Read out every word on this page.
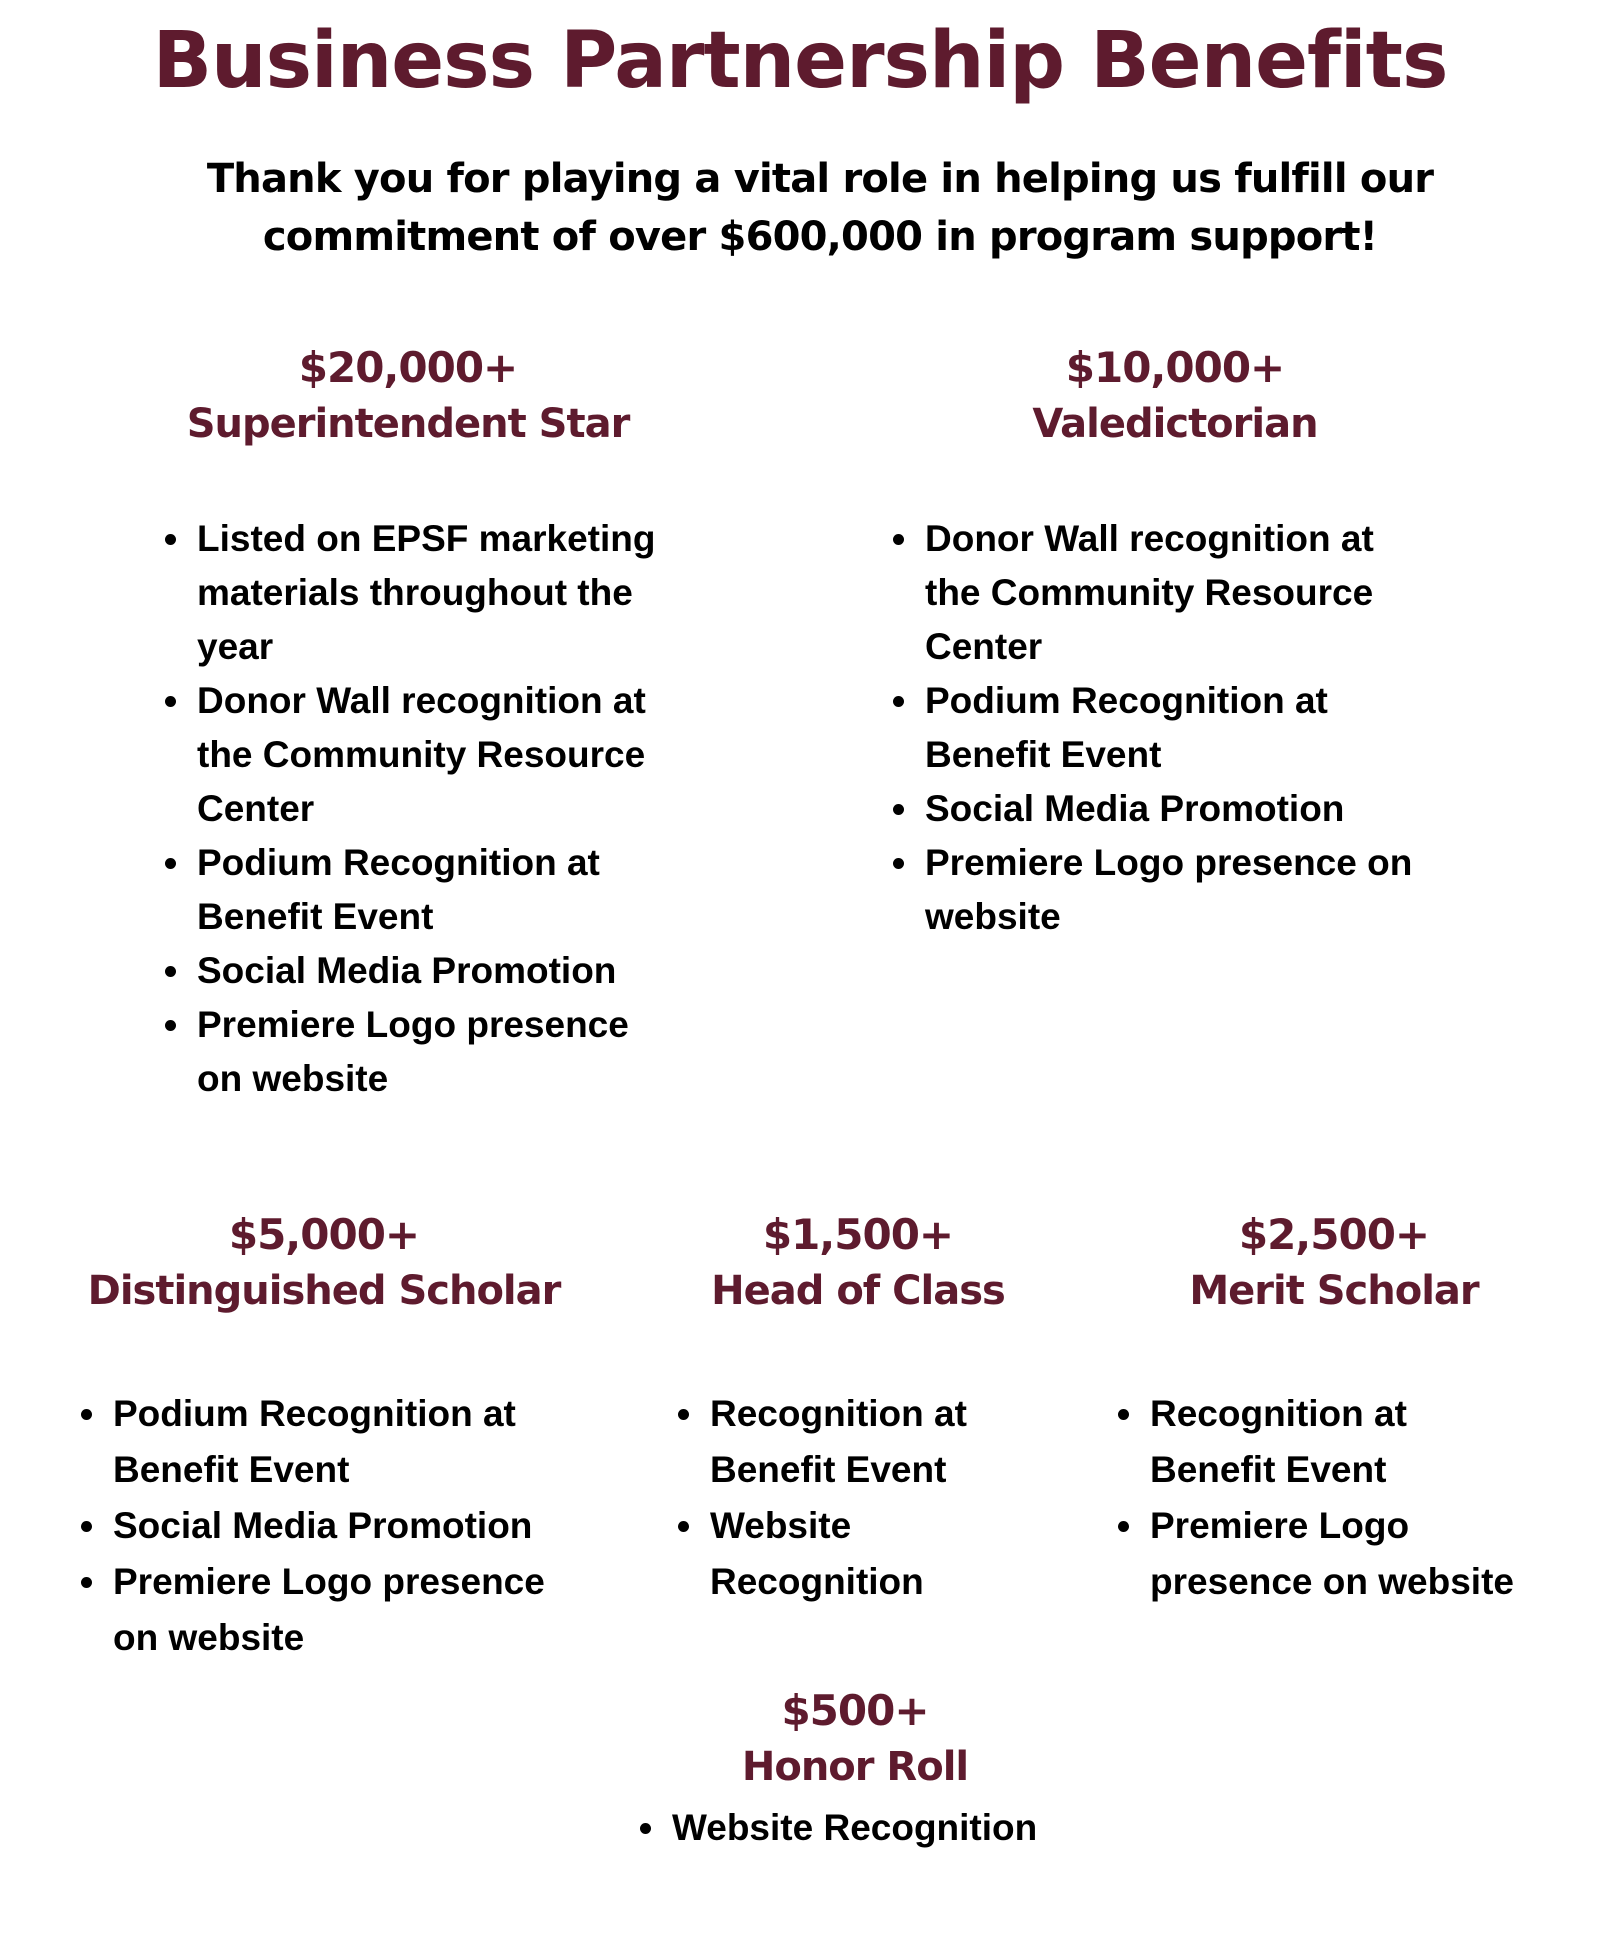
Business Partnership Benefits
Thank you for playing a vital role in helping us fulfill our
commitment of over $600,000 in program support!
$20,000+
Superintendent Star
Listed on EPSF marketing
materials throughout the
year
Donor Wall recognition at
the Community Resource
Center
Podium Recognition at
Benefit Event
Social Media Promotion
Premiere Logo presence
on website
$10,000+
Valedictorian
Donor Wall recognition at
the Community Resource
Center
Podium Recognition at
Benefit Event
Social Media Promotion
Premiere Logo presence on
website
$5,000+
Distinguished Scholar
Podium Recognition at
Benefit Event
Social Media Promotion
Premiere Logo presence
on website
$1,500+
Head of Class
Recognition at
Benefit Event
Website
Recognition
$2,500+
Merit Scholar
Recognition at
Benefit Event
Premiere Logo
presence on website
$500+
Honor Roll
Website Recognition
